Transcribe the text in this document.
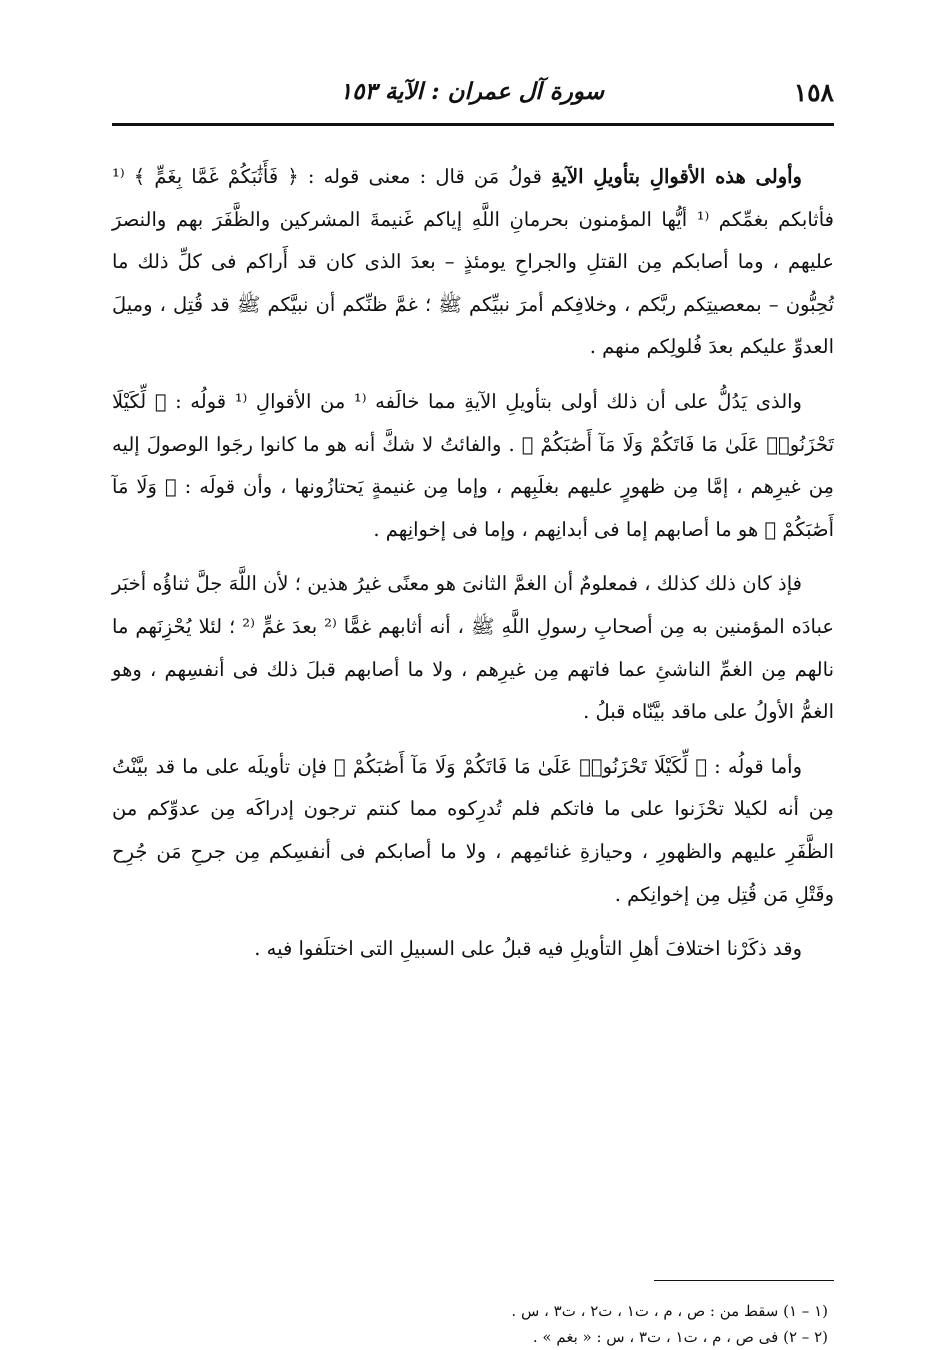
١٥٨
سورة آل عمران : الآية ١٥٣

وأولى هذه الأقوالِ بتأويلِ الآيةِ قولُ مَن قال : معنى قوله : ﴿ فَأَثَٰبَكُمْ غَمَّا بِغَمٍّ ﴾ ⁽¹ فأثابكم بغمِّكم ⁽¹ أيُّها المؤمنون بحرمانِ اللَّهِ إياكم غَنيمةَ المشركين والظَّفَرَ بهم والنصرَ عليهم ، وما أصابكم مِن القتلِ والجراحِ يومئذٍ – بعدَ الذى كان قد أَراكم فى كلِّ ذلك ما تُحِبُّون – بمعصيتِكم ربَّكم ، وخلافِكم أمرَ نبيِّكم ﷺ ؛ غمَّ ظنِّكم أن نبيَّكم ﷺ قد قُتِل ، وميلَ العدوِّ عليكم بعدَ فُلولِكم منهم .

والذى يَدُلُّ على أن ذلك أولى بتأويلِ الآيةِ مما خالَفه ⁽¹ من الأقوالِ ⁽¹ قولُه : ﴿ لِّكَيْلَا تَحْزَنُوا۟ عَلَىٰ مَا فَاتَكُمْ وَلَا مَآ أَصَٰبَكُمْ ﴾ . والفائتُ لا شكَّ أنه هو ما كانوا رجَوا الوصولَ إليه مِن غيرِهم ، إمَّا مِن ظهورٍ عليهم بغلَبِهم ، وإما مِن غنيمةٍ يَحتازُونها ، وأن قولَه : ﴿ وَلَا مَآ أَصَٰبَكُمْ ﴾ هو ما أصابهم إما فى أبدانِهم ، وإما فى إخوانِهم .

فإذ كان ذلك كذلك ، فمعلومٌ أن الغمَّ الثانىَ هو معنًى غيرُ هذين ؛ لأن اللَّهَ جلَّ ثناؤُه أخبَر عبادَه المؤمنين به مِن أصحابِ رسولِ اللَّهِ ﷺ ، أنه أثابهم غمًّا ⁽² بعدَ غمٍّ ⁽² ؛ لئلا يُحْزِنَهم ما نالهم مِن الغمِّ الناشئِ عما فاتهم مِن غيرِهم ، ولا ما أصابهم قبلَ ذلك فى أنفسِهم ، وهو الغمُّ الأولُ على ماقد بيَّنّاه قبلُ .

وأما قولُه : ﴿ لِّكَيْلَا تَحْزَنُوا۟ عَلَىٰ مَا فَاتَكُمْ وَلَا مَآ أَصَٰبَكُمْ ﴾ فإن تأويلَه على ما قد بيَّنْتُ مِن أنه لكيلا تحْزَنوا على ما فاتكم فلم تُدرِكوه مما كنتم ترجون إدراكَه مِن عدوِّكم من الظَّفَرِ عليهم والظهورِ ، وحيازةِ غنائمِهم ، ولا ما أصابكم فى أنفسِكم مِن جرحِ مَن جُرِح وقَتْلِ مَن قُتِل مِن إخوانِكم .

وقد ذكَرْنا اختلافَ أهلِ التأويلِ فيه قبلُ على السبيلِ التى اختلَفوا فيه .

(١ – ١) سقط من : ص ، م ، ت١ ، ت٢ ، ت٣ ، س .
(٢ – ٢) فى ص ، م ، ت١ ، ت٣ ، س : « بغم » .
